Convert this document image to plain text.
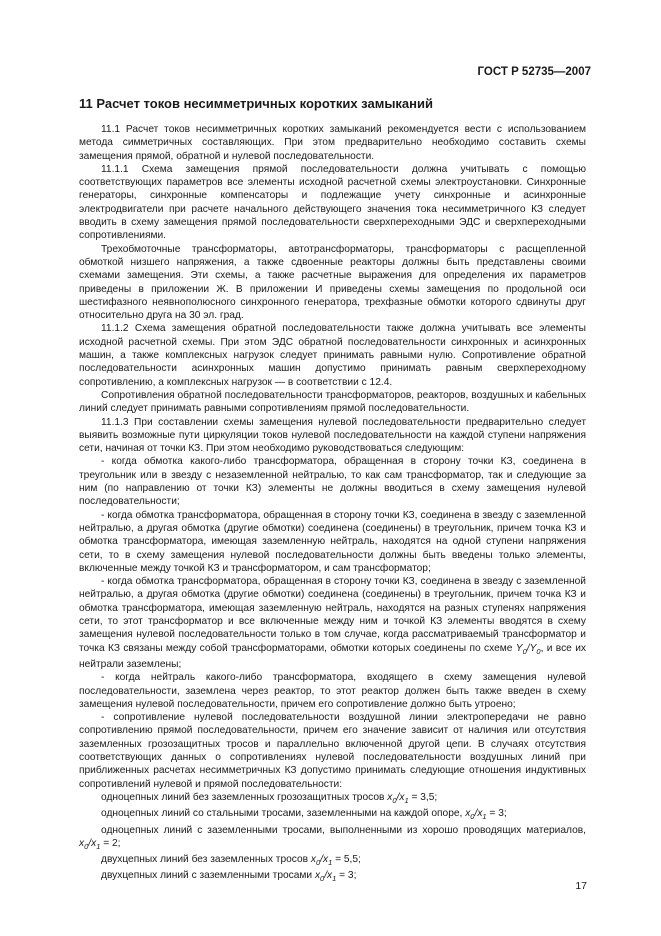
ГОСТ Р 52735—2007
11 Расчет токов несимметричных коротких замыканий

11.1 Расчет токов несимметричных коротких замыканий рекомендуется вести с использованием метода симметричных составляющих. При этом предварительно необходимо составить схемы замещения прямой, обратной и нулевой последовательности.

11.1.1 Схема замещения прямой последовательности должна учитывать с помощью соответствующих параметров все элементы исходной расчетной схемы электроустановки. Синхронные генераторы, синхронные компенсаторы и подлежащие учету синхронные и асинхронные электродвигатели при расчете начального действующего значения тока несимметричного КЗ следует вводить в схему замещения прямой последовательности сверхпереходными ЭДС и сверхпереходными сопротивлениями.

Трехобмоточные трансформаторы, автотрансформаторы, трансформаторы с расщепленной обмоткой низшего напряжения, а также сдвоенные реакторы должны быть представлены своими схемами замещения. Эти схемы, а также расчетные выражения для определения их параметров приведены в приложении Ж. В приложении И приведены схемы замещения по продольной оси шестифазного неявнополюсного синхронного генератора, трехфазные обмотки которого сдвинуты друг относительно друга на 30 эл. град.

11.1.2 Схема замещения обратной последовательности также должна учитывать все элементы исходной расчетной схемы. При этом ЭДС обратной последовательности синхронных и асинхронных машин, а также комплексных нагрузок следует принимать равными нулю. Сопротивление обратной последовательности асинхронных машин допустимо принимать равным сверхпереходному сопротивлению, а комплексных нагрузок — в соответствии с 12.4.

Сопротивления обратной последовательности трансформаторов, реакторов, воздушных и кабельных линий следует принимать равными сопротивлениям прямой последовательности.

11.1.3 При составлении схемы замещения нулевой последовательности предварительно следует выявить возможные пути циркуляции токов нулевой последовательности на каждой ступени напряжения сети, начиная от точки КЗ. При этом необходимо руководствоваться следующим:

- когда обмотка какого-либо трансформатора, обращенная в сторону точки КЗ, соединена в треугольник или в звезду с незаземленной нейтралью, то как сам трансформатор, так и следующие за ним (по направлению от точки КЗ) элементы не должны вводиться в схему замещения нулевой последовательности;

- когда обмотка трансформатора, обращенная в сторону точки КЗ, соединена в звезду с заземленной нейтралью, а другая обмотка (другие обмотки) соединена (соединены) в треугольник, причем точка КЗ и обмотка трансформатора, имеющая заземленную нейтраль, находятся на одной ступени напряжения сети, то в схему замещения нулевой последовательности должны быть введены только элементы, включенные между точкой КЗ и трансформатором, и сам трансформатор;

- когда обмотка трансформатора, обращенная в сторону точки КЗ, соединена в звезду с заземленной нейтралью, а другая обмотка (другие обмотки) соединена (соединены) в треугольник, причем точка КЗ и обмотка трансформатора, имеющая заземленную нейтраль, находятся на разных ступенях напряжения сети, то этот трансформатор и все включенные между ним и точкой КЗ элементы вводятся в схему замещения нулевой последовательности только в том случае, когда рассматриваемый трансформатор и точка КЗ связаны между собой трансформаторами, обмотки которых соединены по схеме $Y_0/Y_0$, и все их нейтрали заземлены;

- когда нейтраль какого-либо трансформатора, входящего в схему замещения нулевой последовательности, заземлена через реактор, то этот реактор должен быть также введен в схему замещения нулевой последовательности, причем его сопротивление должно быть утроено;

- сопротивление нулевой последовательности воздушной линии электропередачи не равно сопротивлению прямой последовательности, причем его значение зависит от наличия или отсутствия заземленных грозозащитных тросов и параллельно включенной другой цепи. В случаях отсутствия соответствующих данных о сопротивлениях нулевой последовательности воздушных линий при приближенных расчетах несимметричных КЗ допустимо принимать следующие отношения индуктивных сопротивлений нулевой и прямой последовательности:

одноцепных линий без заземленных грозозащитных тросов $x_0/x_1 = 3,5$;

одноцепных линий со стальными тросами, заземленными на каждой опоре, $x_0/x_1 = 3$;

одноцепных линий с заземленными тросами, выполненными из хорошо проводящих материалов, $x_0/x_1 = 2$;

двухцепных линий без заземленных тросов $x_0/x_1 = 5,5$;

двухцепных линий с заземленными тросами $x_0/x_1 = 3$;

17
